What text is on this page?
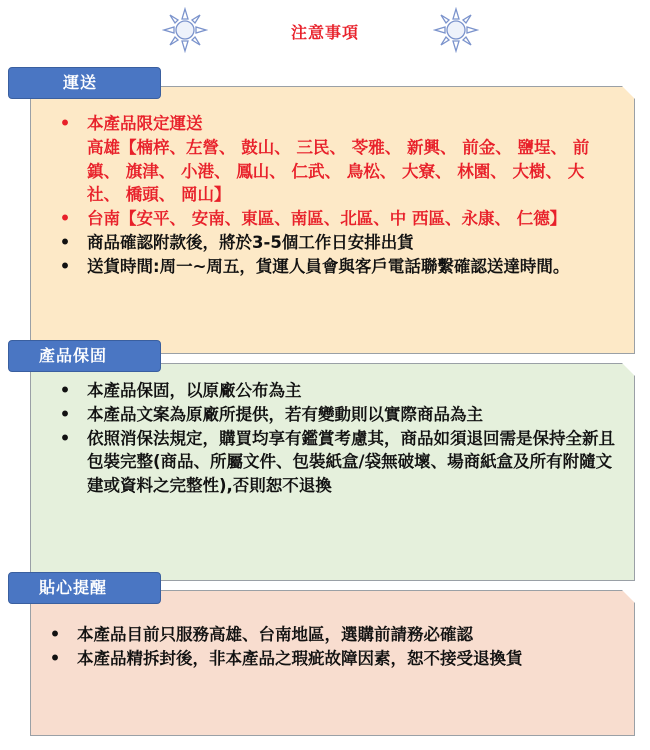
注意事項
運送
• 本產品限定運送
高雄【楠梓、左營、 鼓山、 三民、 苓雅、 新興、 前金、 鹽埕、 前鎮、 旗津、 小港、 鳳山、 仁武、 鳥松、 大寮、 林園、 大樹、 大社、 橋頭、 岡山】
• 台南【安平、 安南、東區、南區、北區、中 西區、永康、 仁德】
• 商品確認附款後，將於3-5個工作日安排出貨
• 送貨時間:周一~周五，貨運人員會與客戶電話聯繫確認送達時間。
產品保固
• 本產品保固，以原廠公布為主
• 本產品文案為原廠所提供，若有變動則以實際商品為主
• 依照消保法規定，購買均享有鑑賞考慮其，商品如須退回需是保持全新且包裝完整(商品、所屬文件、包裝紙盒/袋無破壞、場商紙盒及所有附隨文建或資料之完整性),否則恕不退換
貼心提醒
• 本產品目前只服務高雄、台南地區，選購前請務必確認
• 本產品精拆封後，非本產品之瑕疵故障因素，恕不接受退換貨
